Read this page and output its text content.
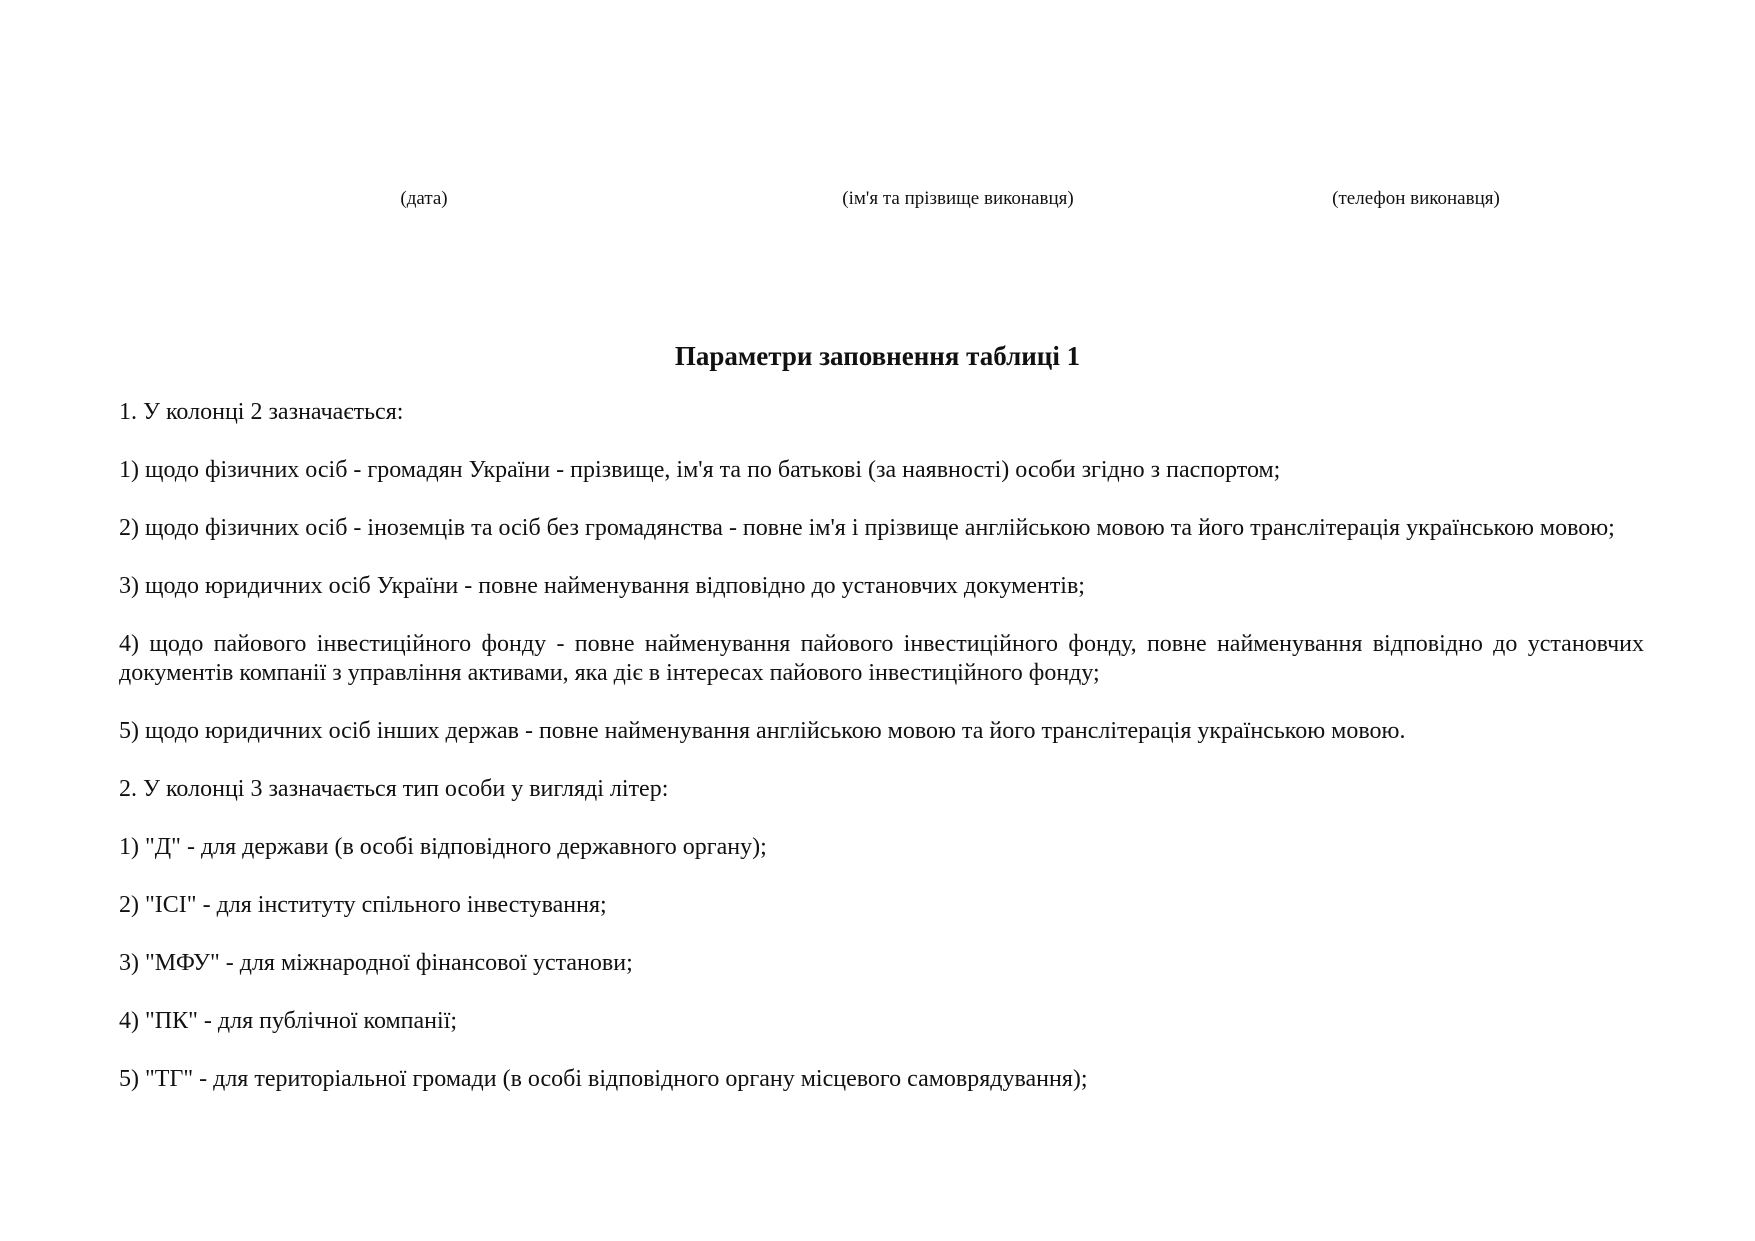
(дата)	(ім'я та прізвище виконавця)	(телефон виконавця)
Параметри заповнення таблиці 1

1. У колонці 2 зазначається:

1) щодо фізичних осіб - громадян України - прізвище, ім'я та по батькові (за наявності) особи згідно з паспортом;

2) щодо фізичних осіб - іноземців та осіб без громадянства - повне ім'я і прізвище англійською мовою та його транслітерація українською мовою;

3) щодо юридичних осіб України - повне найменування відповідно до установчих документів;

4) щодо пайового інвестиційного фонду - повне найменування пайового інвестиційного фонду, повне найменування відповідно до установчих документів компанії з управління активами, яка діє в інтересах пайового інвестиційного фонду;

5) щодо юридичних осіб інших держав - повне найменування англійською мовою та його транслітерація українською мовою.

2. У колонці 3 зазначається тип особи у вигляді літер:

1) "Д" - для держави (в особі відповідного державного органу);

2) "ІСІ" - для інституту спільного інвестування;

3) "МФУ" - для міжнародної фінансової установи;

4) "ПК" - для публічної компанії;

5) "ТГ" - для територіальної громади (в особі відповідного органу місцевого самоврядування);
